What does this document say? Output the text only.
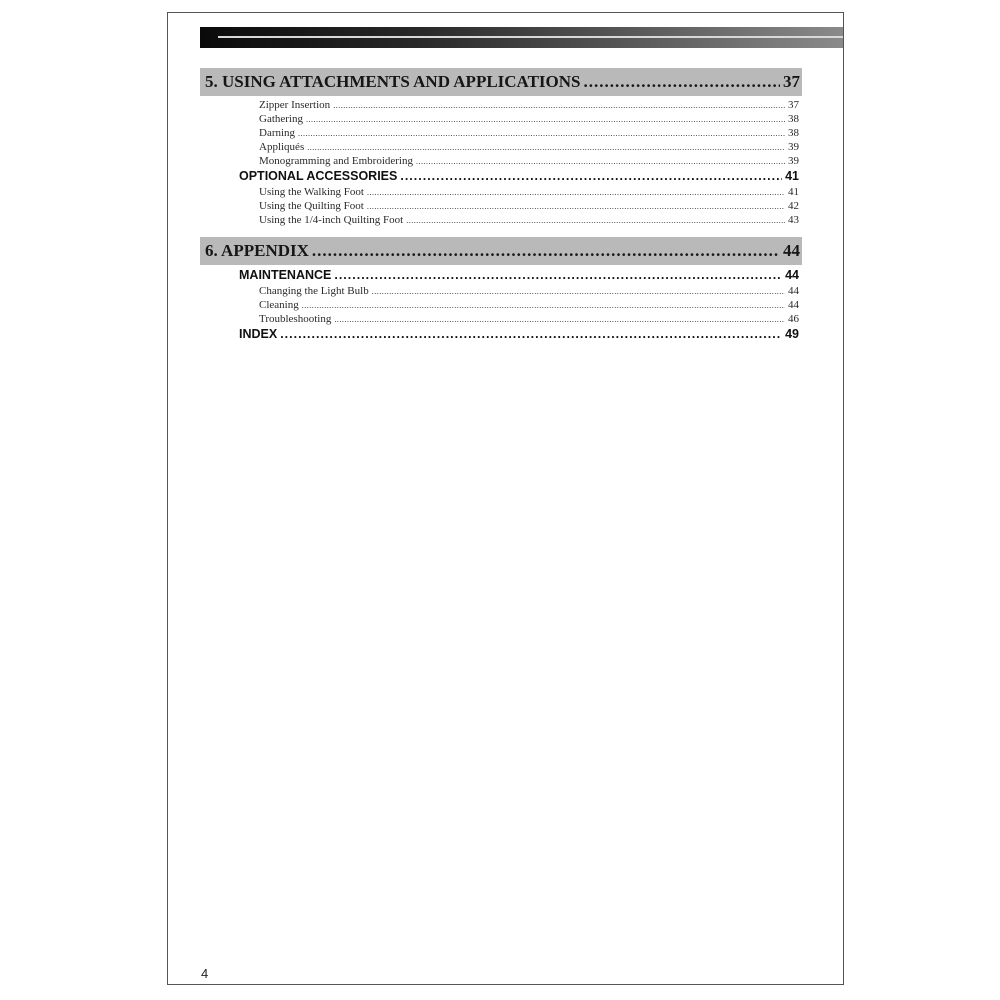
5. USING ATTACHMENTS AND APPLICATIONS .....	37
Zipper Insertion .....	37
Gathering .....	38
Darning .....	38
Appliqués .....	39
Monogramming and Embroidering .....	39
OPTIONAL ACCESSORIES .....	41
Using the Walking Foot .....	41
Using the Quilting Foot .....	42
Using the 1/4-inch Quilting Foot .....	43
6. APPENDIX .....	44
MAINTENANCE .....	44
Changing the Light Bulb .....	44
Cleaning .....	44
Troubleshooting .....	46
INDEX .....	49
4
